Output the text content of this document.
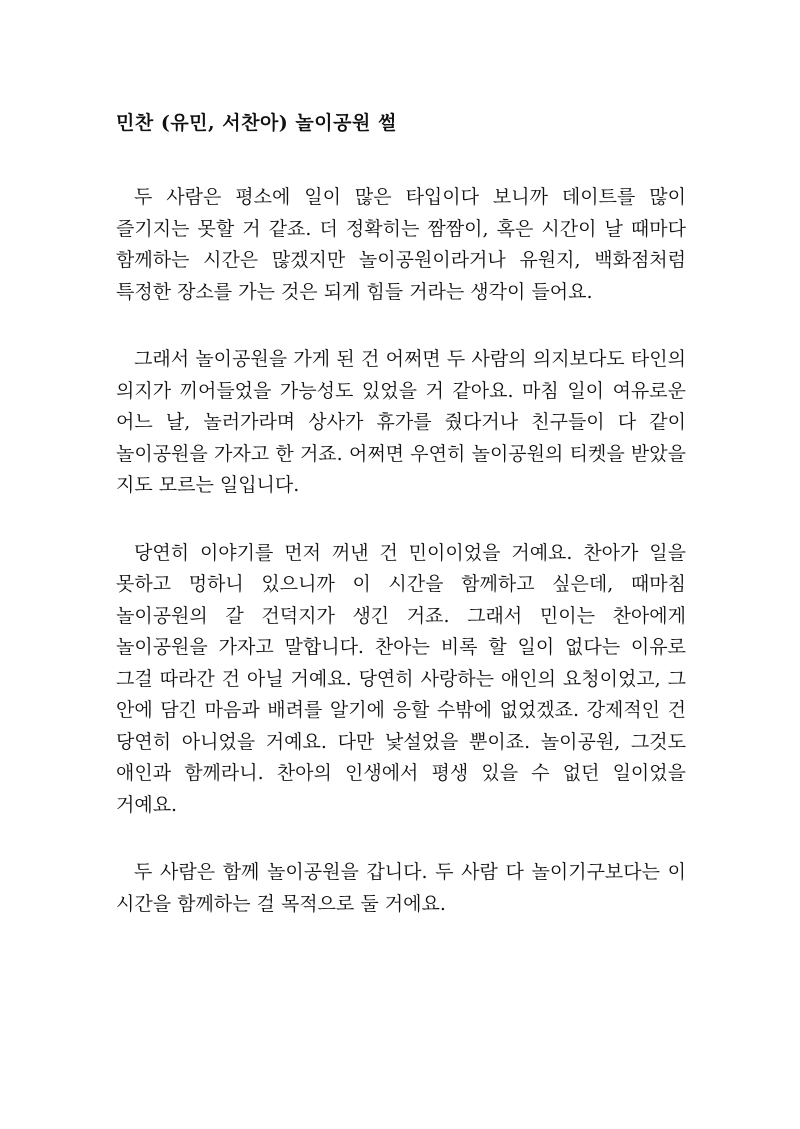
민찬 (유민, 서찬아) 놀이공원 썰

두 사람은 평소에 일이 많은 타입이다 보니까 데이트를 많이 즐기지는 못할 거 같죠. 더 정확히는 짬짬이, 혹은 시간이 날 때마다 함께하는 시간은 많겠지만 놀이공원이라거나 유원지, 백화점처럼 특정한 장소를 가는 것은 되게 힘들 거라는 생각이 들어요.

그래서 놀이공원을 가게 된 건 어쩌면 두 사람의 의지보다도 타인의 의지가 끼어들었을 가능성도 있었을 거 같아요. 마침 일이 여유로운 어느 날, 놀러가라며 상사가 휴가를 줬다거나 친구들이 다 같이 놀이공원을 가자고 한 거죠. 어쩌면 우연히 놀이공원의 티켓을 받았을 지도 모르는 일입니다.

당연히 이야기를 먼저 꺼낸 건 민이이었을 거예요. 찬아가 일을 못하고 멍하니 있으니까 이 시간을 함께하고 싶은데, 때마침 놀이공원의 갈 건덕지가 생긴 거죠. 그래서 민이는 찬아에게 놀이공원을 가자고 말합니다. 찬아는 비록 할 일이 없다는 이유로 그걸 따라간 건 아닐 거예요. 당연히 사랑하는 애인의 요청이었고, 그 안에 담긴 마음과 배려를 알기에 응할 수밖에 없었겠죠. 강제적인 건 당연히 아니었을 거예요. 다만 낯설었을 뿐이죠. 놀이공원, 그것도 애인과 함께라니. 찬아의 인생에서 평생 있을 수 없던 일이었을 거예요.

두 사람은 함께 놀이공원을 갑니다. 두 사람 다 놀이기구보다는 이 시간을 함께하는 걸 목적으로 둘 거에요.
